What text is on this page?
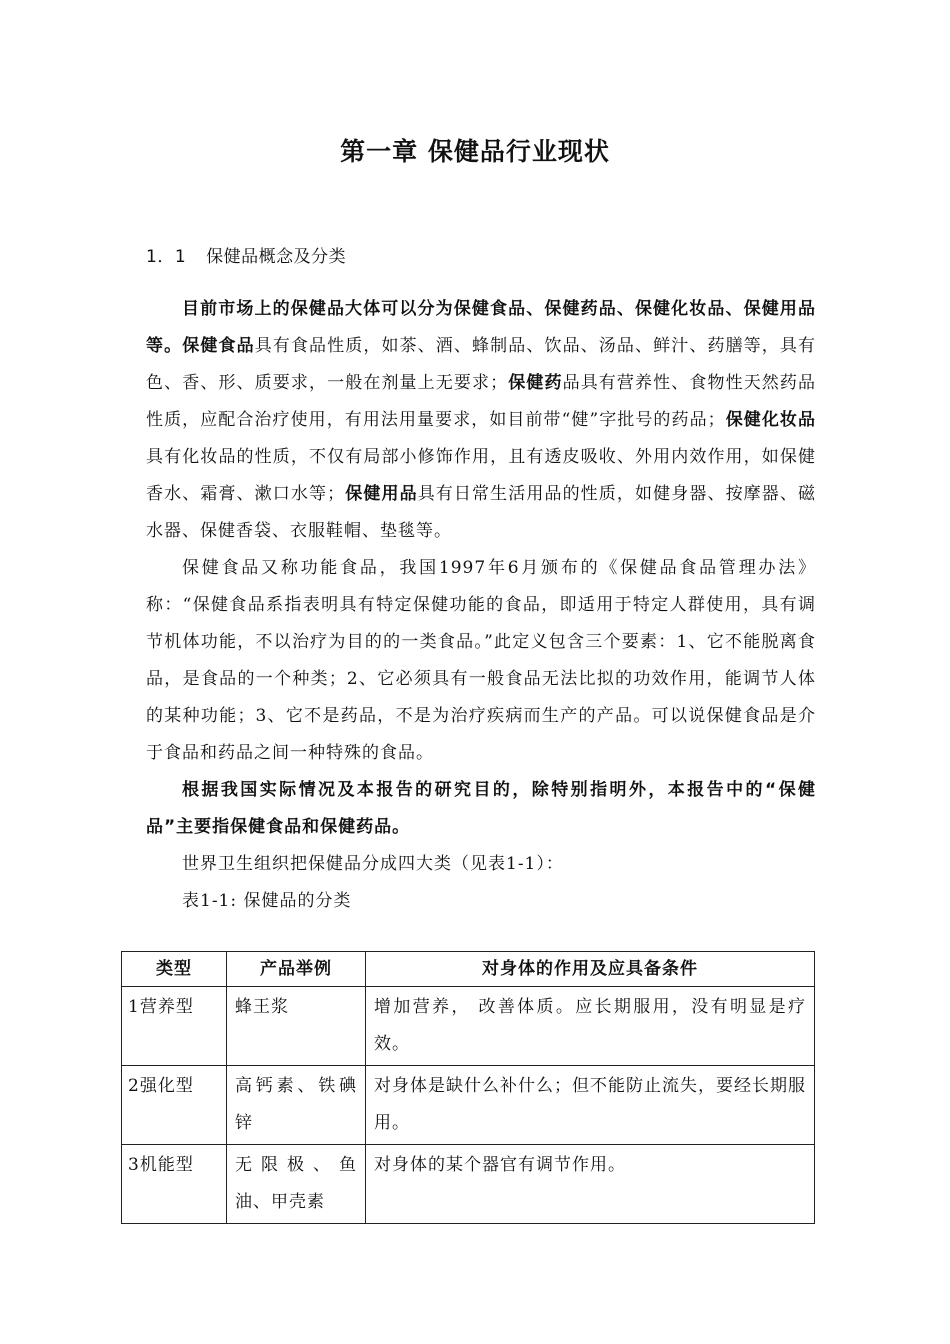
第一章 保健品行业现状
1．1 保健品概念及分类

目前市场上的保健品大体可以分为保健食品、保健药品、保健化妆品、保健用品等。保健食品具有食品性质，如茶、酒、蜂制品、饮品、汤品、鲜汁、药膳等，具有色、香、形、质要求，一般在剂量上无要求；保健药品具有营养性、食物性天然药品性质，应配合治疗使用，有用法用量要求，如目前带“健”字批号的药品；保健化妆品具有化妆品的性质，不仅有局部小修饰作用，且有透皮吸收、外用内效作用，如保健香水、霜膏、漱口水等；保健用品具有日常生活用品的性质，如健身器、按摩器、磁水器、保健香袋、衣服鞋帽、垫毯等。

保健食品又称功能食品，我国1997年6月颁布的《保健品食品管理办法》称：“保健食品系指表明具有特定保健功能的食品，即适用于特定人群使用，具有调节机体功能，不以治疗为目的的一类食品。”此定义包含三个要素：1、它不能脱离食品，是食品的一个种类；2、它必须具有一般食品无法比拟的功效作用，能调节人体的某种功能；3、它不是药品，不是为治疗疾病而生产的产品。可以说保健食品是介于食品和药品之间一种特殊的食品。

根据我国实际情况及本报告的研究目的，除特别指明外，本报告中的“保健品”主要指保健食品和保健药品。

世界卫生组织把保健品分成四大类（见表1-1）：

表1-1: 保健品的分类

类型	产品举例	对身体的作用及应具备条件
1营养型	蜂王浆	增加营养， 改善体质。应长期服用，没有明显是疗效。
2强化型	高钙素、铁碘锌	对身体是缺什么补什么；但不能防止流失，要经长期服用。
3机能型	无限极、鱼油、甲壳素	对身体的某个器官有调节作用。
